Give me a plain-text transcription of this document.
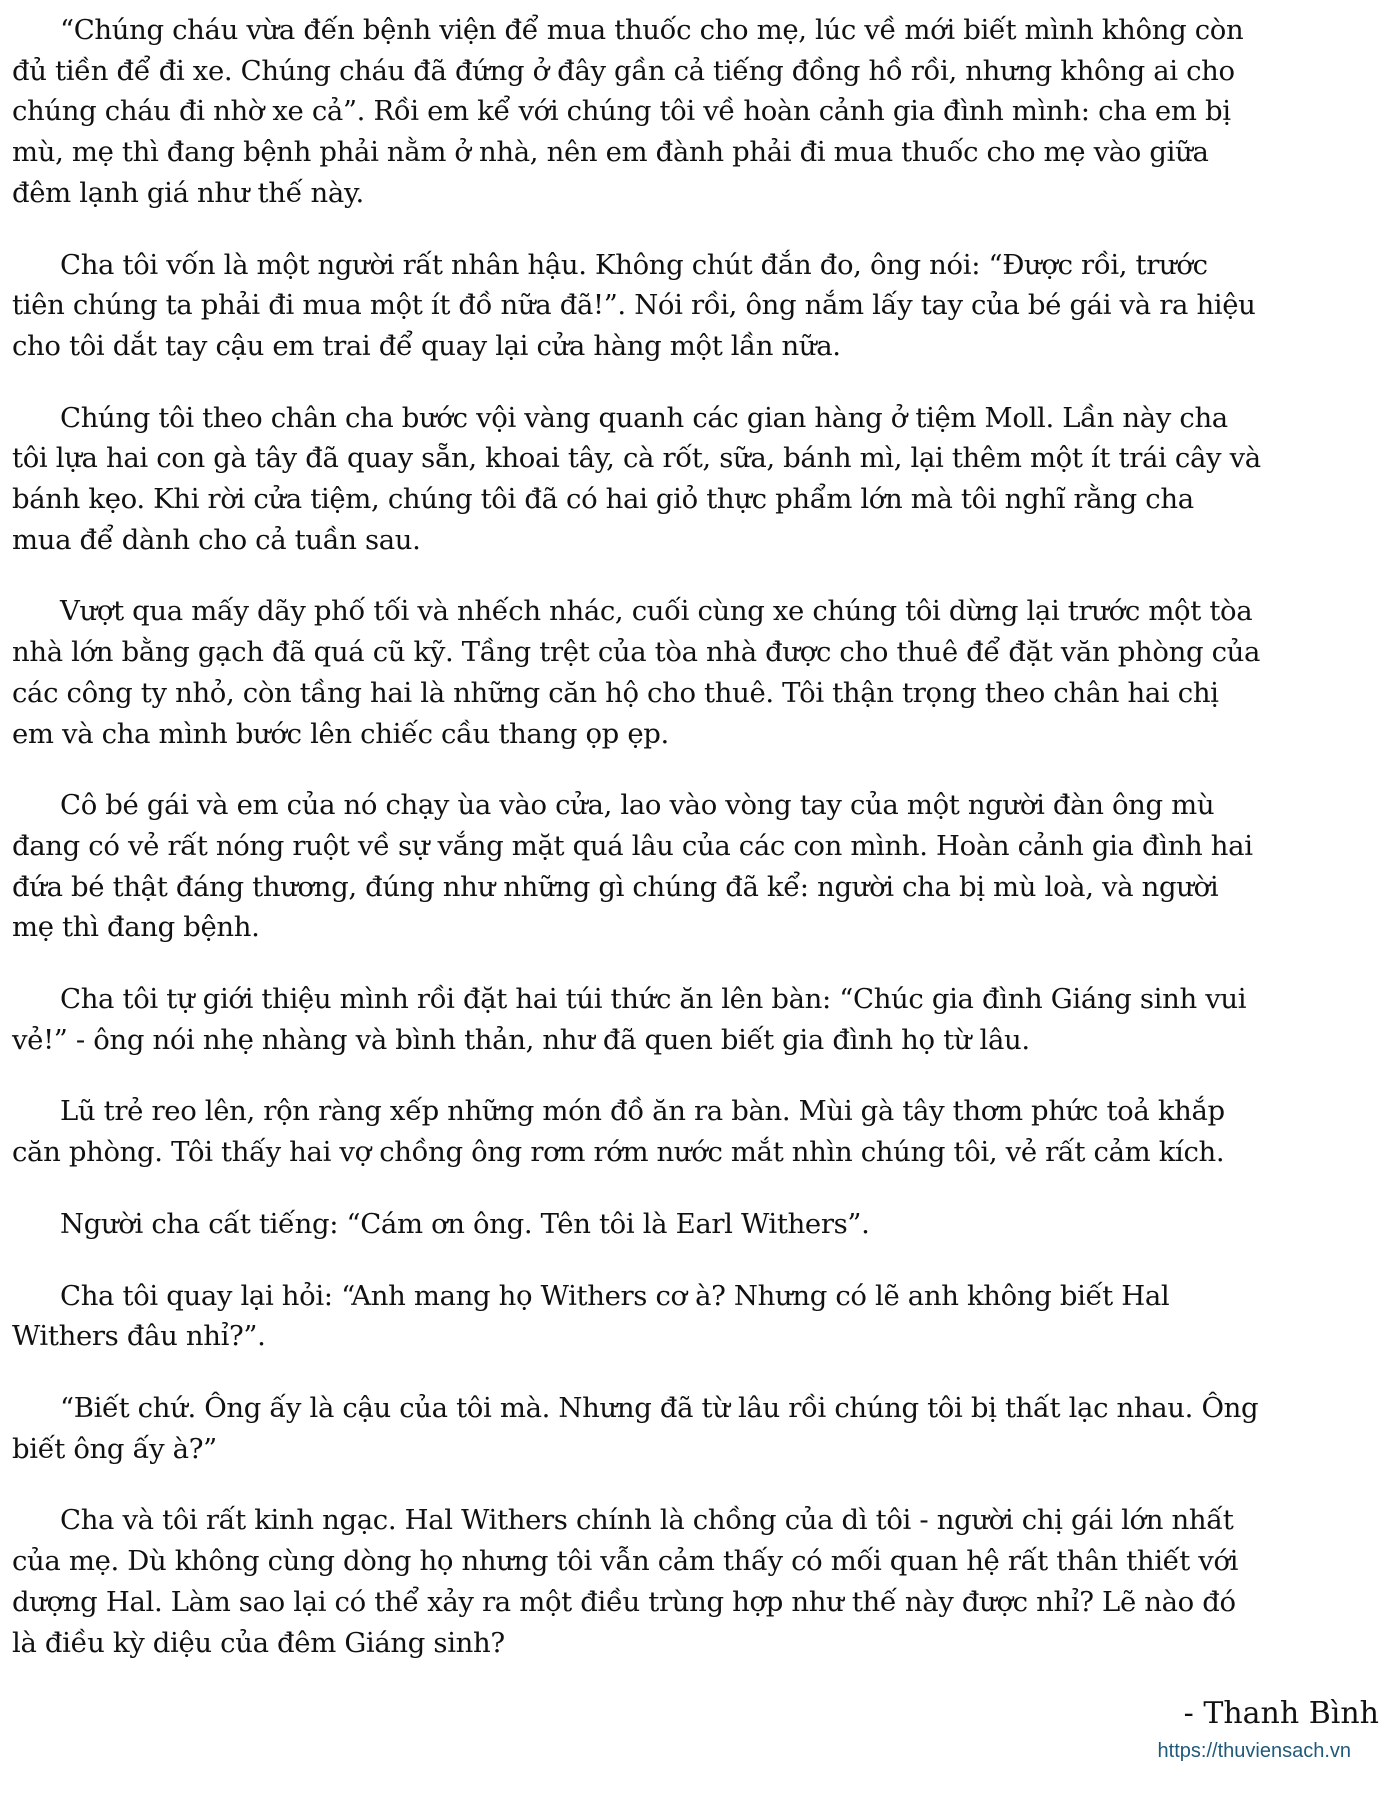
“Chúng cháu vừa đến bệnh viện để mua thuốc cho mẹ, lúc về mới biết mình không còn
đủ tiền để đi xe. Chúng cháu đã đứng ở đây gần cả tiếng đồng hồ rồi, nhưng không ai cho
chúng cháu đi nhờ xe cả”. Rồi em kể với chúng tôi về hoàn cảnh gia đình mình: cha em bị
mù, mẹ thì đang bệnh phải nằm ở nhà, nên em đành phải đi mua thuốc cho mẹ vào giữa
đêm lạnh giá như thế này.

Cha tôi vốn là một người rất nhân hậu. Không chút đắn đo, ông nói: “Được rồi, trước
tiên chúng ta phải đi mua một ít đồ nữa đã!”. Nói rồi, ông nắm lấy tay của bé gái và ra hiệu
cho tôi dắt tay cậu em trai để quay lại cửa hàng một lần nữa.

Chúng tôi theo chân cha bước vội vàng quanh các gian hàng ở tiệm Moll. Lần này cha
tôi lựa hai con gà tây đã quay sẵn, khoai tây, cà rốt, sữa, bánh mì, lại thêm một ít trái cây và
bánh kẹo. Khi rời cửa tiệm, chúng tôi đã có hai giỏ thực phẩm lớn mà tôi nghĩ rằng cha
mua để dành cho cả tuần sau.

Vượt qua mấy dãy phố tối và nhếch nhác, cuối cùng xe chúng tôi dừng lại trước một tòa
nhà lớn bằng gạch đã quá cũ kỹ. Tầng trệt của tòa nhà được cho thuê để đặt văn phòng của
các công ty nhỏ, còn tầng hai là những căn hộ cho thuê. Tôi thận trọng theo chân hai chị
em và cha mình bước lên chiếc cầu thang ọp ẹp.

Cô bé gái và em của nó chạy ùa vào cửa, lao vào vòng tay của một người đàn ông mù
đang có vẻ rất nóng ruột về sự vắng mặt quá lâu của các con mình. Hoàn cảnh gia đình hai
đứa bé thật đáng thương, đúng như những gì chúng đã kể: người cha bị mù loà, và người
mẹ thì đang bệnh.

Cha tôi tự giới thiệu mình rồi đặt hai túi thức ăn lên bàn: “Chúc gia đình Giáng sinh vui
vẻ!” - ông nói nhẹ nhàng và bình thản, như đã quen biết gia đình họ từ lâu.

Lũ trẻ reo lên, rộn ràng xếp những món đồ ăn ra bàn. Mùi gà tây thơm phức toả khắp
căn phòng. Tôi thấy hai vợ chồng ông rơm rớm nước mắt nhìn chúng tôi, vẻ rất cảm kích.

Người cha cất tiếng: “Cám ơn ông. Tên tôi là Earl Withers”.

Cha tôi quay lại hỏi: “Anh mang họ Withers cơ à? Nhưng có lẽ anh không biết Hal
Withers đâu nhỉ?”.

“Biết chứ. Ông ấy là cậu của tôi mà. Nhưng đã từ lâu rồi chúng tôi bị thất lạc nhau. Ông
biết ông ấy à?”

Cha và tôi rất kinh ngạc. Hal Withers chính là chồng của dì tôi - người chị gái lớn nhất
của mẹ. Dù không cùng dòng họ nhưng tôi vẫn cảm thấy có mối quan hệ rất thân thiết với
dượng Hal. Làm sao lại có thể xảy ra một điều trùng hợp như thế này được nhỉ? Lẽ nào đó
là điều kỳ diệu của đêm Giáng sinh?

- Thanh Bình
https://thuviensach.vn
